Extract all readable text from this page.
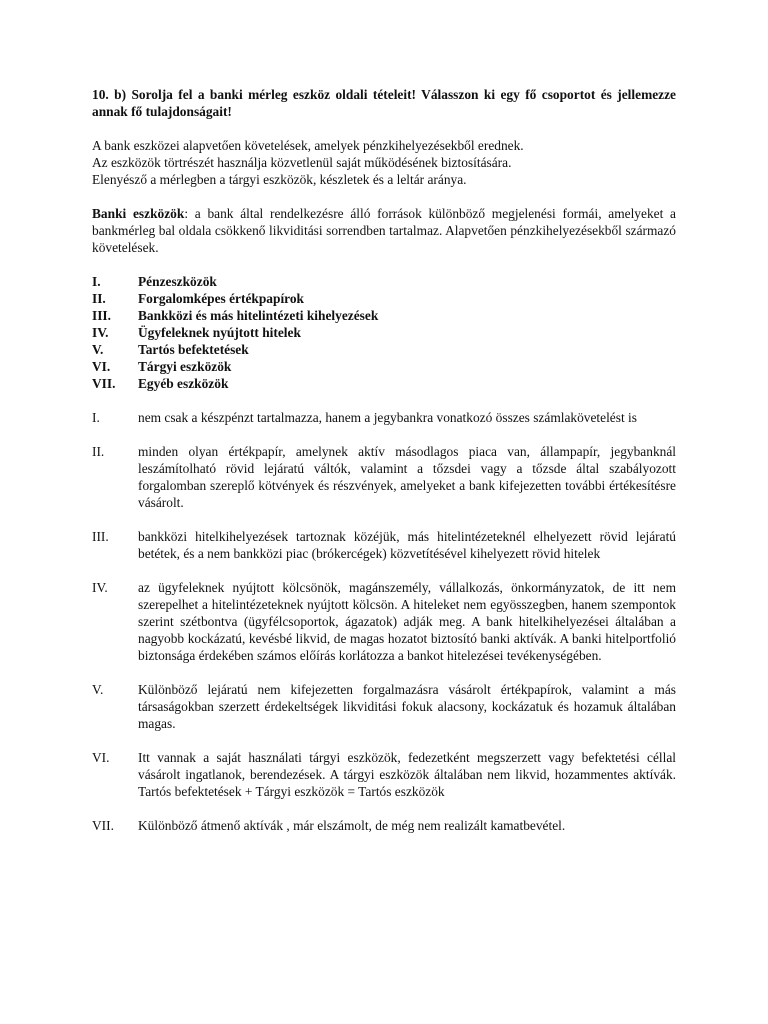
10. b) Sorolja fel a banki mérleg eszköz oldali tételeit! Válasszon ki egy fő csoportot és jellemezze annak fő tulajdonságait!

A bank eszközei alapvetően követelések, amelyek pénzkihelyezésekből erednek.

Az eszközök törtrészét használja közvetlenül saját működésének biztosítására.

Elenyésző a mérlegben a tárgyi eszközök, készletek és a leltár aránya.

Banki eszközök: a bank által rendelkezésre álló források különböző megjelenési formái, amelyeket a bankmérleg bal oldala csökkenő likviditási sorrendben tartalmaz. Alapvetően pénzkihelyezésekből származó követelések.

I.	Pénzeszközök
II.	Forgalomképes értékpapírok
III.	Bankközi és más hitelintézeti kihelyezések
IV.	Ügyfeleknek nyújtott hitelek
V.	Tartós befektetések
VI.	Tárgyi eszközök
VII.	Egyéb eszközök
I.	nem csak a készpénzt tartalmazza, hanem a jegybankra vonatkozó összes számlakövetelést is
II.	minden olyan értékpapír, amelynek aktív másodlagos piaca van, állampapír, jegybanknál leszámítolható rövid lejáratú váltók, valamint a tőzsdei vagy a tőzsde által szabályozott forgalomban szereplő kötvények és részvények, amelyeket a bank kifejezetten további értékesítésre vásárolt.
III.	bankközi hitelkihelyezések tartoznak közéjük, más hitelintézeteknél elhelyezett rövid lejáratú betétek, és a nem bankközi piac (brókercégek) közvetítésével kihelyezett rövid hitelek
IV.	az ügyfeleknek nyújtott kölcsönök, magánszemély, vállalkozás, önkormányzatok, de itt nem szerepelhet a hitelintézeteknek nyújtott kölcsön. A hiteleket nem egyösszegben, hanem szempontok szerint szétbontva (ügyfélcsoportok, ágazatok) adják meg. A bank hitelkihelyezései általában a nagyobb kockázatú, kevésbé likvid, de magas hozatot biztosító banki aktívák. A banki hitelportfolió biztonsága érdekében számos előírás korlátozza a bankot hitelezései tevékenységében.
V.	Különböző lejáratú nem kifejezetten forgalmazásra vásárolt értékpapírok, valamint a más társaságokban szerzett érdekeltségek likviditási fokuk alacsony, kockázatuk és hozamuk általában magas.
VI.	Itt vannak a saját használati tárgyi eszközök, fedezetként megszerzett vagy befektetési céllal vásárolt ingatlanok, berendezések. A tárgyi eszközök általában nem likvid, hozammentes aktívák. Tartós befektetések + Tárgyi eszközök = Tartós eszközök
VII.	Különböző átmenő aktívák , már elszámolt, de még nem realizált kamatbevétel.
